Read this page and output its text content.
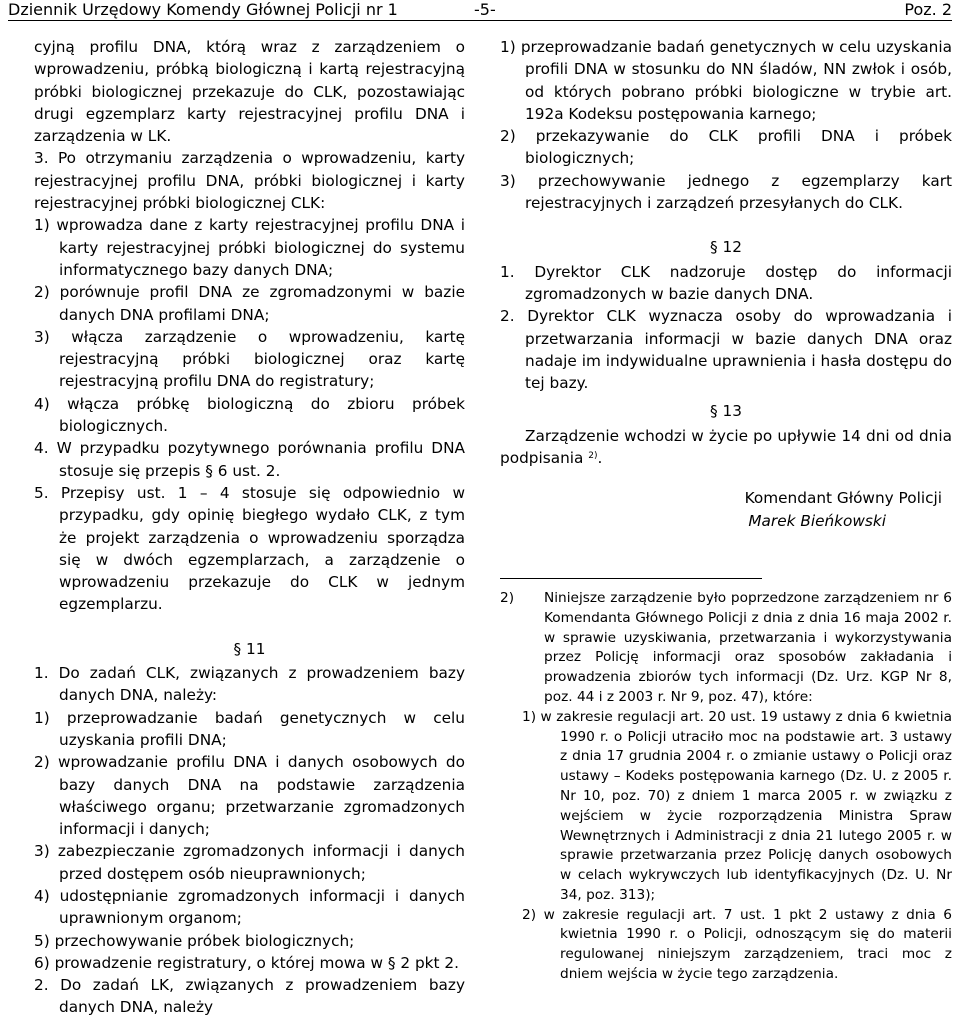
Dziennik Urzędowy Komendy Głównej Policji nr 1	-5-	Poz. 2

cyjną profilu DNA, którą wraz z zarządzeniem o wprowadzeniu, próbką biologiczną i kartą rejestracyjną próbki biologicznej przekazuje do CLK, pozostawiając drugi egzemplarz karty rejestracyjnej profilu DNA i zarządzenia w LK.

3. Po otrzymaniu zarządzenia o wprowadzeniu, karty rejestracyjnej profilu DNA, próbki biologicznej i karty rejestracyjnej próbki biologicznej CLK:

1) wprowadza dane z karty rejestracyjnej profilu DNA i karty rejestracyjnej próbki biologicznej do systemu informatycznego bazy danych DNA;

2) porównuje profil DNA ze zgromadzonymi w bazie danych DNA profilami DNA;

3) włącza zarządzenie o wprowadzeniu, kartę rejestracyjną próbki biologicznej oraz kartę rejestracyjną profilu DNA do registratury;

4) włącza próbkę biologiczną do zbioru próbek biologicznych.

4. W przypadku pozytywnego porównania profilu DNA stosuje się przepis § 6 ust. 2.

5. Przepisy ust. 1 – 4 stosuje się odpowiednio w przypadku, gdy opinię biegłego wydało CLK, z tym że projekt zarządzenia o wprowadzeniu sporządza się w dwóch egzemplarzach, a zarządzenie o wprowadzeniu przekazuje do CLK w jednym egzemplarzu.

§ 11

1. Do zadań CLK, związanych z prowadzeniem bazy danych DNA, należy:

1) przeprowadzanie badań genetycznych w celu uzyskania profili DNA;

2) wprowadzanie profilu DNA i danych osobowych do bazy danych DNA na podstawie zarządzenia właściwego organu; przetwarzanie zgromadzonych informacji i danych;

3) zabezpieczanie zgromadzonych informacji i danych przed dostępem osób nieuprawnionych;

4) udostępnianie zgromadzonych informacji i danych uprawnionym organom;

5) przechowywanie próbek biologicznych;

6) prowadzenie registratury, o której mowa w § 2 pkt 2.

2. Do zadań LK, związanych z prowadzeniem bazy danych DNA, należy

1) przeprowadzanie badań genetycznych w celu uzyskania profili DNA w stosunku do NN śladów, NN zwłok i osób, od których pobrano próbki biologiczne w trybie art. 192a Kodeksu postępowania karnego;

2) przekazywanie do CLK profili DNA i próbek biologicznych;

3) przechowywanie jednego z egzemplarzy kart rejestracyjnych i zarządzeń przesyłanych do CLK.

§ 12

1. Dyrektor CLK nadzoruje dostęp do informacji zgromadzonych w bazie danych DNA.

2. Dyrektor CLK wyznacza osoby do wprowadzania i przetwarzania informacji w bazie danych DNA oraz nadaje im indywidualne uprawnienia i hasła dostępu do tej bazy.

§ 13

Zarządzenie wchodzi w życie po upływie 14 dni od dnia podpisania $^{2)}$.

Komendant Główny Policji

Marek Bieńkowski

2) Niniejsze zarządzenie było poprzedzone zarządzeniem nr 6 Komendanta Głównego Policji z dnia z dnia 16 maja 2002 r. w sprawie uzyskiwania, przetwarzania i wykorzystywania przez Policję informacji oraz sposobów zakładania i prowadzenia zbiorów tych informacji (Dz. Urz. KGP Nr 8, poz. 44 i z 2003 r. Nr 9, poz. 47), które:

1) w zakresie regulacji art. 20 ust. 19 ustawy z dnia 6 kwietnia 1990 r. o Policji utraciło moc na podstawie art. 3 ustawy z dnia 17 grudnia 2004 r. o zmianie ustawy o Policji oraz ustawy – Kodeks postępowania karnego (Dz. U. z 2005 r. Nr 10, poz. 70) z dniem 1 marca 2005 r. w związku z wejściem w życie rozporządzenia Ministra Spraw Wewnętrznych i Administracji z dnia 21 lutego 2005 r. w sprawie przetwarzania przez Policję danych osobowych w celach wykrywczych lub identyfikacyjnych (Dz. U. Nr 34, poz. 313);

2) w zakresie regulacji art. 7 ust. 1 pkt 2 ustawy z dnia 6 kwietnia 1990 r. o Policji, odnoszącym się do materii regulowanej niniejszym zarządzeniem, traci moc z dniem wejścia w życie tego zarządzenia.
